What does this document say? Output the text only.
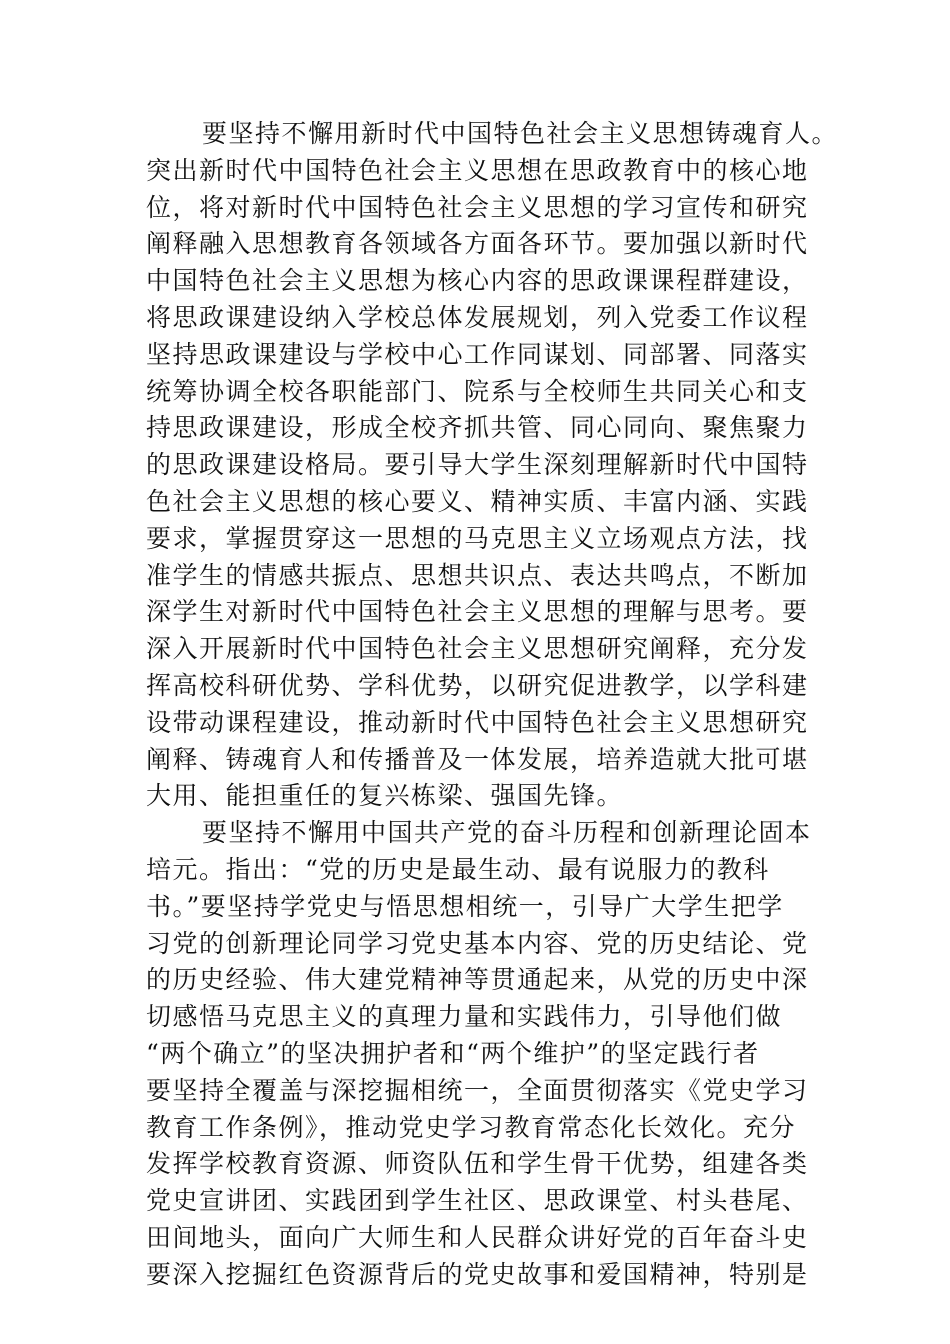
要坚持不懈用新时代中国特色社会主义思想铸魂育人。
突出新时代中国特色社会主义思想在思政教育中的核心地
位，将对新时代中国特色社会主义思想的学习宣传和研究
阐释融入思想教育各领域各方面各环节。要加强以新时代
中国特色社会主义思想为核心内容的思政课课程群建设，
将思政课建设纳入学校总体发展规划，列入党委工作议程
坚持思政课建设与学校中心工作同谋划、同部署、同落实
统筹协调全校各职能部门、院系与全校师生共同关心和支
持思政课建设，形成全校齐抓共管、同心同向、聚焦聚力
的思政课建设格局。要引导大学生深刻理解新时代中国特
色社会主义思想的核心要义、精神实质、丰富内涵、实践
要求，掌握贯穿这一思想的马克思主义立场观点方法，找
准学生的情感共振点、思想共识点、表达共鸣点，不断加
深学生对新时代中国特色社会主义思想的理解与思考。要
深入开展新时代中国特色社会主义思想研究阐释，充分发
挥高校科研优势、学科优势，以研究促进教学，以学科建
设带动课程建设，推动新时代中国特色社会主义思想研究
阐释、铸魂育人和传播普及一体发展，培养造就大批可堪
大用、能担重任的复兴栋梁、强国先锋。
要坚持不懈用中国共产党的奋斗历程和创新理论固本
培元。指出：“党的历史是最生动、最有说服力的教科
书。”要坚持学党史与悟思想相统一，引导广大学生把学
习党的创新理论同学习党史基本内容、党的历史结论、党
的历史经验、伟大建党精神等贯通起来，从党的历史中深
切感悟马克思主义的真理力量和实践伟力，引导他们做
“两个确立”的坚决拥护者和“两个维护”的坚定践行者
要坚持全覆盖与深挖掘相统一，全面贯彻落实《党史学习
教育工作条例》，推动党史学习教育常态化长效化。充分
发挥学校教育资源、师资队伍和学生骨干优势，组建各类
党史宣讲团、实践团到学生社区、思政课堂、村头巷尾、
田间地头，面向广大师生和人民群众讲好党的百年奋斗史
要深入挖掘红色资源背后的党史故事和爱国精神，特别是
